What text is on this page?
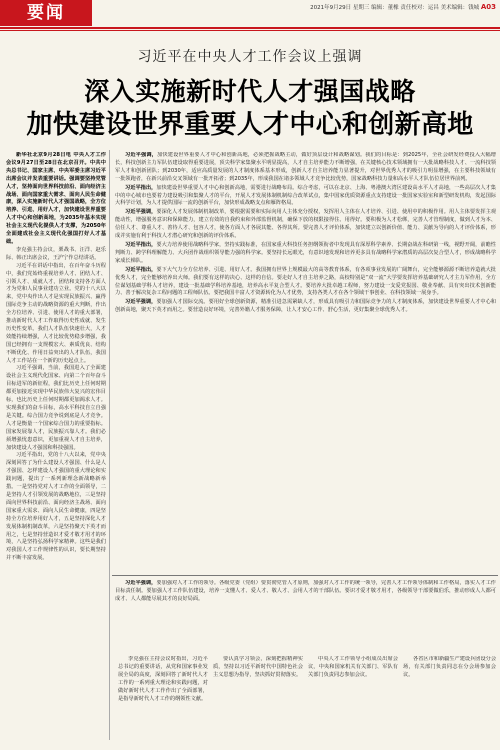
要闻	2021年9月29日 星期三 编辑：董橡 责任校对：运昌 美术编辑：钱城 A03
习近平在中央人才工作会议上强调
深入实施新时代人才强国战略
加快建设世界重要人才中心和创新高地

新华社北京9月28日电 中央人才工作会议9月27日至28日在北京召开。中共中央总书记、国家主席、中央军委主席习近平出席会议并发表重要讲话。强调要坚持党管人才，坚持面向世界科技前沿、面向经济主战场、面向国家重大需求、面向人民生命健康，深入实施新时代人才强国战略，全方位培养、引进、用好人才，加快建设世界重要人才中心和创新高地，为2035年基本实现社会主义现代化提供人才支撑，为2050年全面建成社会主义现代化强国打好人才基础。

李克强主持会议，栗战书、汪洋、赵乐际、韩正出席会议，王沪宁作总结讲话。

习近平在讲话中指出，在百年奋斗历程中，我们党始终重视培养人才、团结人才、引领人才、成就人才，团结和支持各方面人才为党和人民事业建功立业。党的十八大以来，党中央作出人才是实现民族振兴、赢得国际竞争主动的战略资源的重大判断，作出全方位培养、引进、使用人才的重大部署，推动新时代人才工作取得历史性成就、发生历史性变革。我们人才队伍快速壮大，人才效能持续增强，人才比较优势稳步增强，我国已经拥有一支规模宏大、素质优良、结构不断优化、作用日益突出的人才队伍，我国人才工作站在一个新的历史起点上。

习近平强调，当前，我国进入了全面建设社会主义现代化国家、向第二个百年奋斗目标进军的新征程，我们比历史上任何时期都更加接近实现中华民族伟大复兴的宏伟目标，也比历史上任何时期都更加渴求人才。实现我们的奋斗目标，高水平科技自立自强是关键。综合国力竞争说到底是人才竞争。人才是衡量一个国家综合国力的重要指标。国家发展靠人才，民族振兴靠人才。我们必须增强忧患意识，更加重视人才自主培养，加快建设人才强国和科技强国。

习近平指出，党的十八大以来，党中央深刻回答了为什么建设人才强国、什么是人才强国、怎样建设人才强国的重大理论和实践问题，提出了一系列新理念新战略新举措。一是坚持党对人才工作的全面领导，二是坚持人才引领发展的战略地位，三是坚持面向世界科技前沿、面向经济主战场、面向国家重大需求、面向人民生命健康，四是坚持全方位培养用好人才，五是坚持深化人才发展体制机制改革，六是坚持聚天下英才而用之，七是坚持营造识才爱才敬才用才的环境，八是坚持弘扬科学家精神。这些是我们对我国人才工作规律性的认识，要长期坚持并不断丰富发展。

习近平强调，加快建设世界重要人才中心和创新高地，必须把握战略主动，做好顶层设计和战略谋划。我们的目标是：到2025年，全社会研发经费投入大幅增长，科技创新主力军队伍建设取得重要进展，顶尖科学家集聚水平明显提高，人才自主培养能力不断增强，在关键核心技术领域拥有一大批战略科技人才、一流科技领军人才和创新团队；到2030年，适应高质量发展的人才制度体系基本形成，创新人才自主培养能力显著提升，对世界优秀人才的吸引力明显增强，在主要科技领域有一批领跑者，在新兴前沿交叉领域有一批开拓者；到2035年，形成我国在诸多领域人才竞争比较优势，国家战略科技力量和高水平人才队伍位居世界前列。

习近平指出，加快建设世界重要人才中心和创新高地，需要进行战略布局。综合考虑，可以在北京、上海、粤港澳大湾区建设高水平人才高地，一些高层次人才集中的中心城市也要着力建设吸引和集聚人才的平台，开展人才发展体制机制综合改革试点，集中国家优质资源重点支持建设一批国家实验室和新型研发机构，发起国际大科学计划，为人才提供国际一流的创新平台，加快形成战略支点和雁阵格局。

习近平强调，要深化人才发展体制机制改革，要根据需要和实际向用人主体充分授权，发挥用人主体在人才培养、引进、使用中的积极作用。用人主体要发挥主观能动性，增强服务意识和保障能力，建立有效的自我约束和外部监督机制，确保下放的权限接得住、用得好。要积极为人才松绑，完善人才管理制度，做到人才为本、信任人才、尊重人才、善待人才、包容人才，使各方面人才各展其能、各得其所。要完善人才评价体系，加快建立以创新价值、能力、贡献为导向的人才评价体系，形成并实施有利于科技人才潜心研究和创新的评价体系。

习近平指出，要大力培养使用战略科学家，坚持实践标准，在国家重大科技任务担纲领衔者中发现具有深厚科学素养、长期奋战在科研第一线，视野开阔，前瞻性判断力、跨学科理解能力、大兵团作战组织领导能力强的科学家。要坚持长远眼光，有意识地发现和培养更多具有战略科学家潜质的高层次复合型人才，形成战略科学家成长梯队。

习近平指出，要下大气力全方位培养、引进、用好人才。我国拥有世界上规模最大的高等教育体系，有各项事业发展的广阔舞台，完全能够源源不断培养造就大批优秀人才，完全能够培养出大师。我们要有这样的决心、这样的自信。要走好人才自主培养之路，高校特别是“双一流”大学要发挥培养基础研究人才主力军作用，全方位谋划基础学科人才培养，建设一批基础学科培养基地，培养高水平复合型人才。要培养大批卓越工程师，努力建设一支爱党报国、敬业奉献、具有突出技术创新能力、善于解决复杂工程问题的工程师队伍。要把我国丰富人才资源转化为人才优势，支持各类人才在各个领域干事创业、在科技领域一展身手。

习近平强调，要加强人才国际交流。要用好全球创新资源，精准引进急需紧缺人才，形成具有吸引力和国际竞争力的人才制度体系，加快建设世界重要人才中心和创新高地，聚天下英才而用之。要营造良好环境，完善外籍人才服务保障，让人才安心工作、舒心生活，更好集聚全球优秀人才。

习近平强调，要加强对人才工作的领导。各级党委（党组）要贯彻党管人才原则，加强对人才工作的统一领导，完善人才工作领导体制和工作格局，落实人才工作目标责任制。要加强人才工作队伍建设，培养一支懂人才、爱人才、敬人才、会用人才的干部队伍。要识才爱才敬才用才，各级领导干部要做伯乐，推动形成人人都可成才、人人都能尽展其才的良好局面。

李克强在主持会议时指出，习近平总书记的重要讲话，从党和国家事业发展全局的高度，深刻回答了新时代人才工作的一系列重大理论和实践问题，对做好新时代人才工作作出了全面部署，是指导新时代人才工作的纲领性文献。

要认真学习领会，深刻把握精神实质，坚持以习近平新时代中国特色社会主义思想为指导，坚决抓好贯彻落实。

中央人才工作领导小组成员出席会议，中央和国家机关有关部门、军队有关部门负责同志参加会议。

各省区市和新疆生产建设兵团设分会场，有关部门负责同志在分会场参加会议。
